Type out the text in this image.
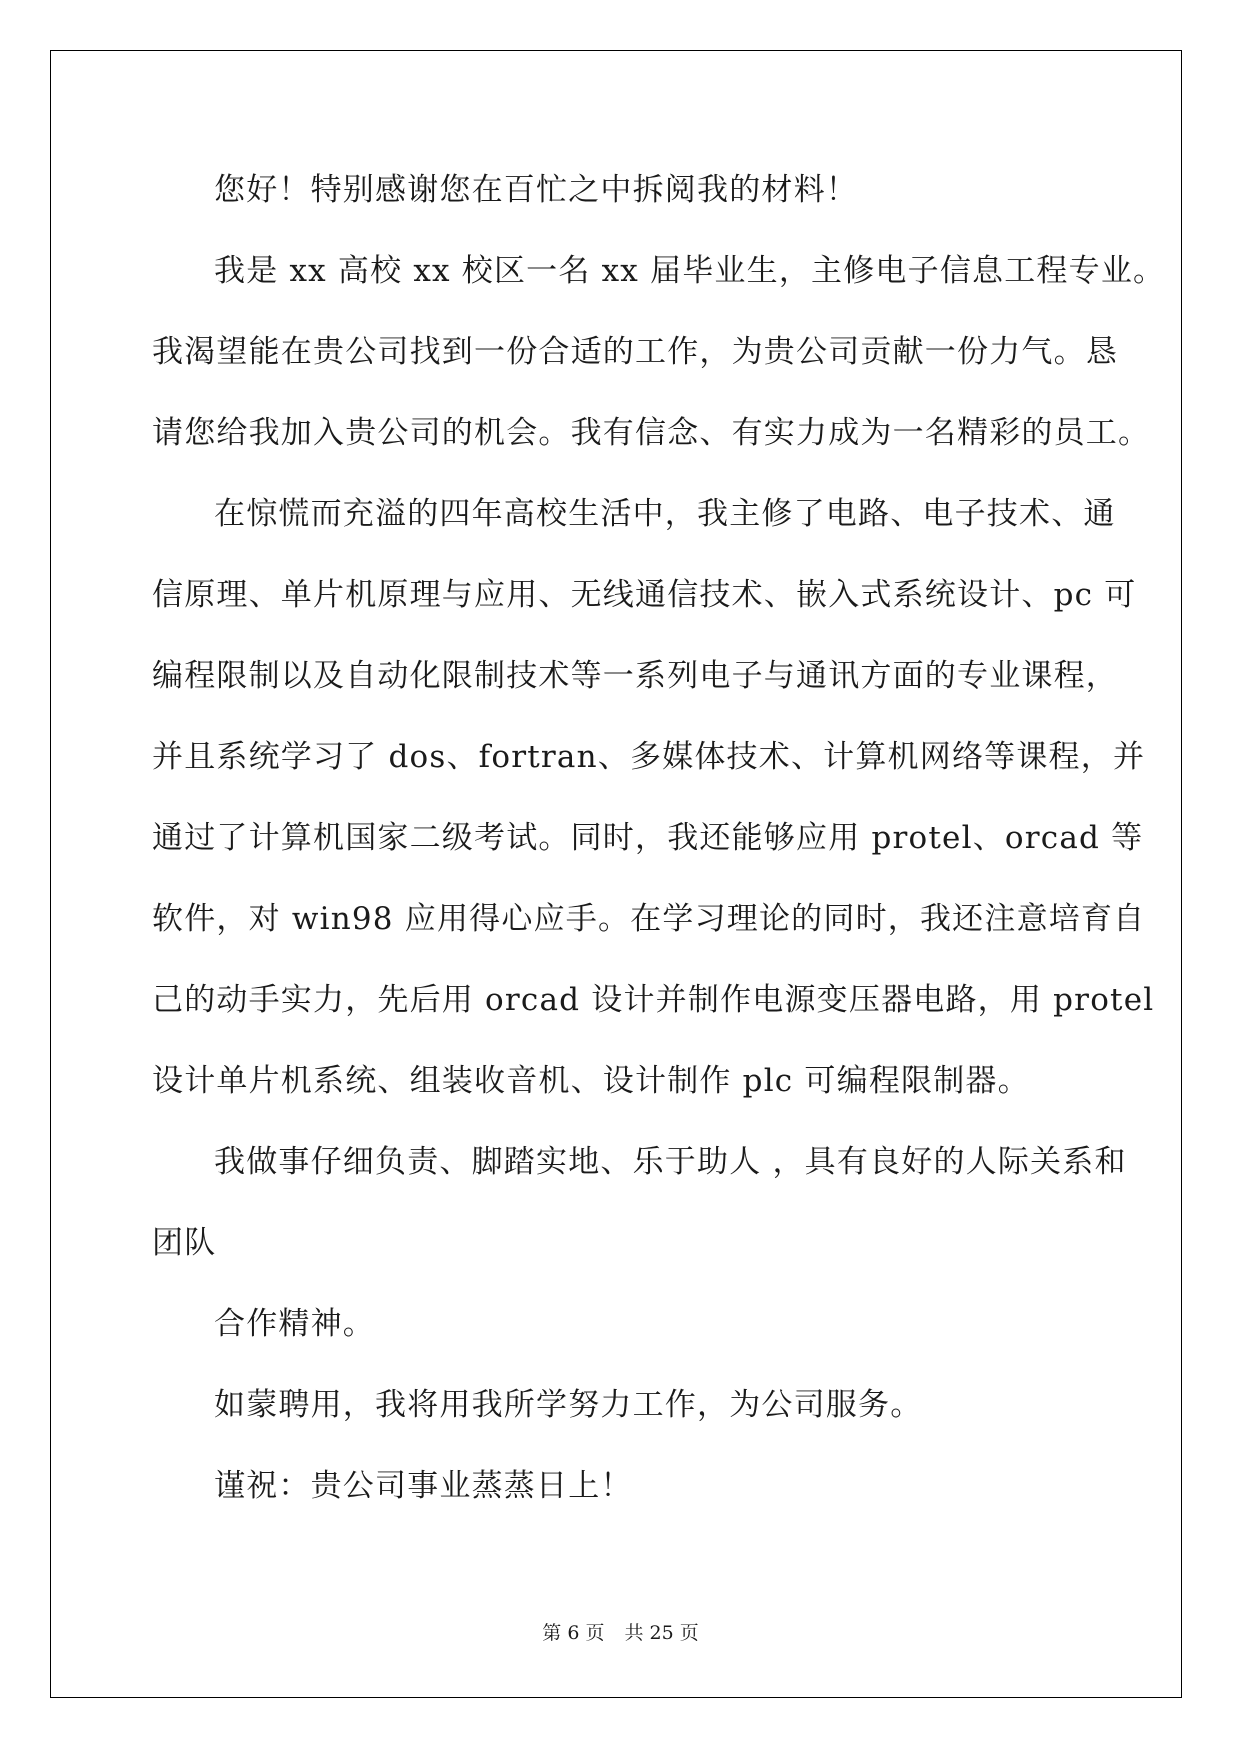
您好！特别感谢您在百忙之中拆阅我的材料！
我是 xx 高校 xx 校区一名 xx 届毕业生，主修电子信息工程专业。
我渴望能在贵公司找到一份合适的工作，为贵公司贡献一份力气。恳
请您给我加入贵公司的机会。我有信念、有实力成为一名精彩的员工。
在惊慌而充溢的四年高校生活中，我主修了电路、电子技术、通
信原理、单片机原理与应用、无线通信技术、嵌入式系统设计、pc 可
编程限制以及自动化限制技术等一系列电子与通讯方面的专业课程，
并且系统学习了 dos、fortran、多媒体技术、计算机网络等课程，并
通过了计算机国家二级考试。同时，我还能够应用 protel、orcad 等
软件，对 win98 应用得心应手。在学习理论的同时，我还注意培育自
己的动手实力，先后用 orcad 设计并制作电源变压器电路，用 protel
设计单片机系统、组装收音机、设计制作 plc 可编程限制器。
我做事仔细负责、脚踏实地、乐于助人 ，具有良好的人际关系和
团队
合作精神。
如蒙聘用，我将用我所学努力工作，为公司服务。
谨祝：贵公司事业蒸蒸日上！
第 6 页 共 25 页
